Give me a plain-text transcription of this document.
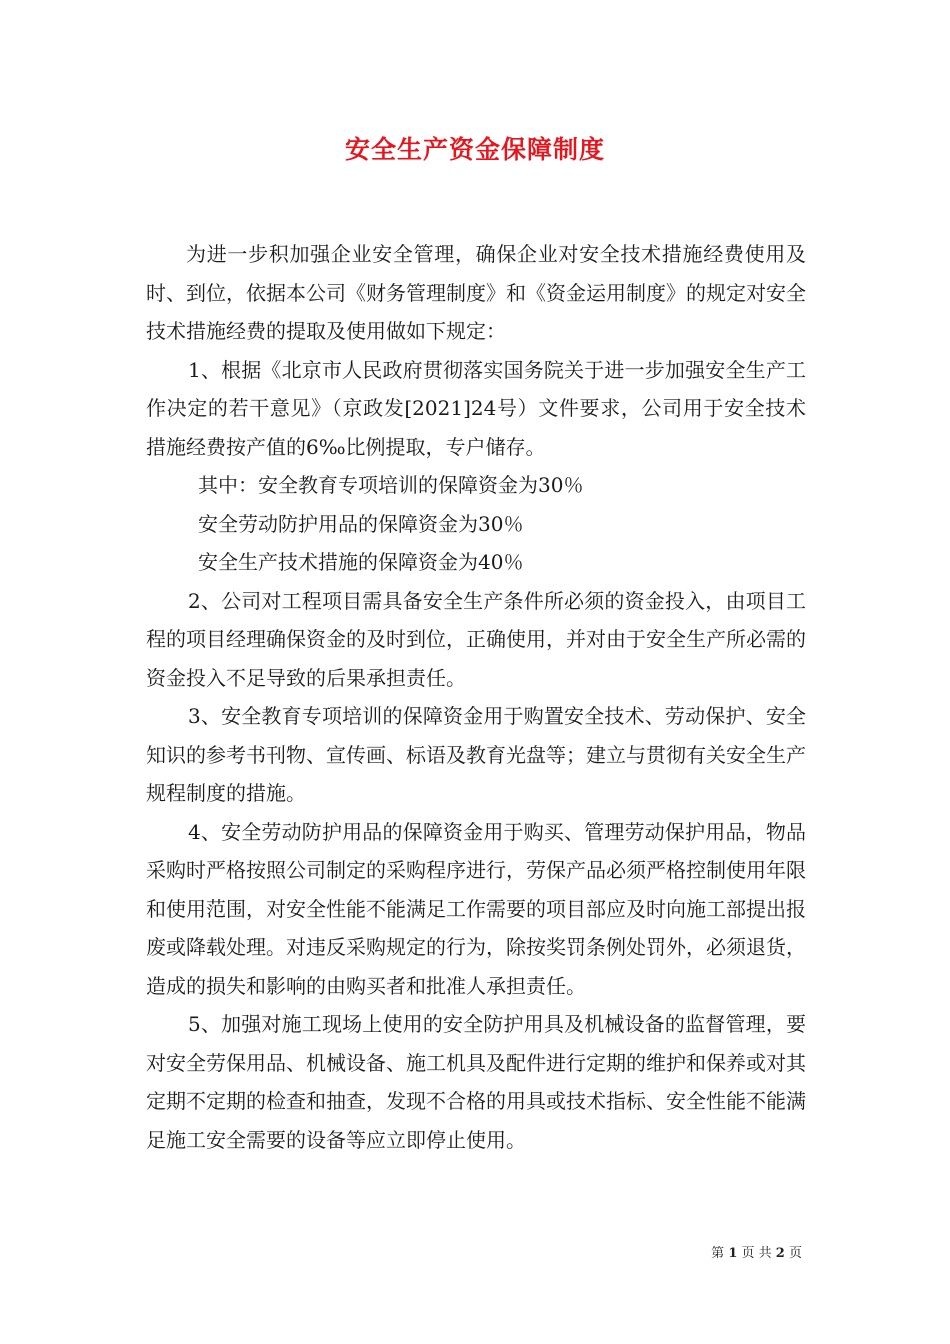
安全生产资金保障制度

为进一步积加强企业安全管理，确保企业对安全技术措施经费使用及时、到位，依据本公司《财务管理制度》和《资金运用制度》的规定对安全技术措施经费的提取及使用做如下规定：

1、根据《北京市人民政府贯彻落实国务院关于进一步加强安全生产工作决定的若干意见》（京政发[2021]24号）文件要求，公司用于安全技术措施经费按产值的6‰比例提取，专户储存。

其中：安全教育专项培训的保障资金为30％

安全劳动防护用品的保障资金为30％

安全生产技术措施的保障资金为40％

2、公司对工程项目需具备安全生产条件所必须的资金投入，由项目工程的项目经理确保资金的及时到位，正确使用，并对由于安全生产所必需的资金投入不足导致的后果承担责任。

3、安全教育专项培训的保障资金用于购置安全技术、劳动保护、安全知识的参考书刊物、宣传画、标语及教育光盘等；建立与贯彻有关安全生产规程制度的措施。

4、安全劳动防护用品的保障资金用于购买、管理劳动保护用品，物品采购时严格按照公司制定的采购程序进行，劳保产品必须严格控制使用年限和使用范围，对安全性能不能满足工作需要的项目部应及时向施工部提出报废或降载处理。对违反采购规定的行为，除按奖罚条例处罚外，必须退货，造成的损失和影响的由购买者和批准人承担责任。

5、加强对施工现场上使用的安全防护用具及机械设备的监督管理，要对安全劳保用品、机械设备、施工机具及配件进行定期的维护和保养或对其定期不定期的检查和抽查，发现不合格的用具或技术指标、安全性能不能满足施工安全需要的设备等应立即停止使用。

第 1 页 共 2 页
